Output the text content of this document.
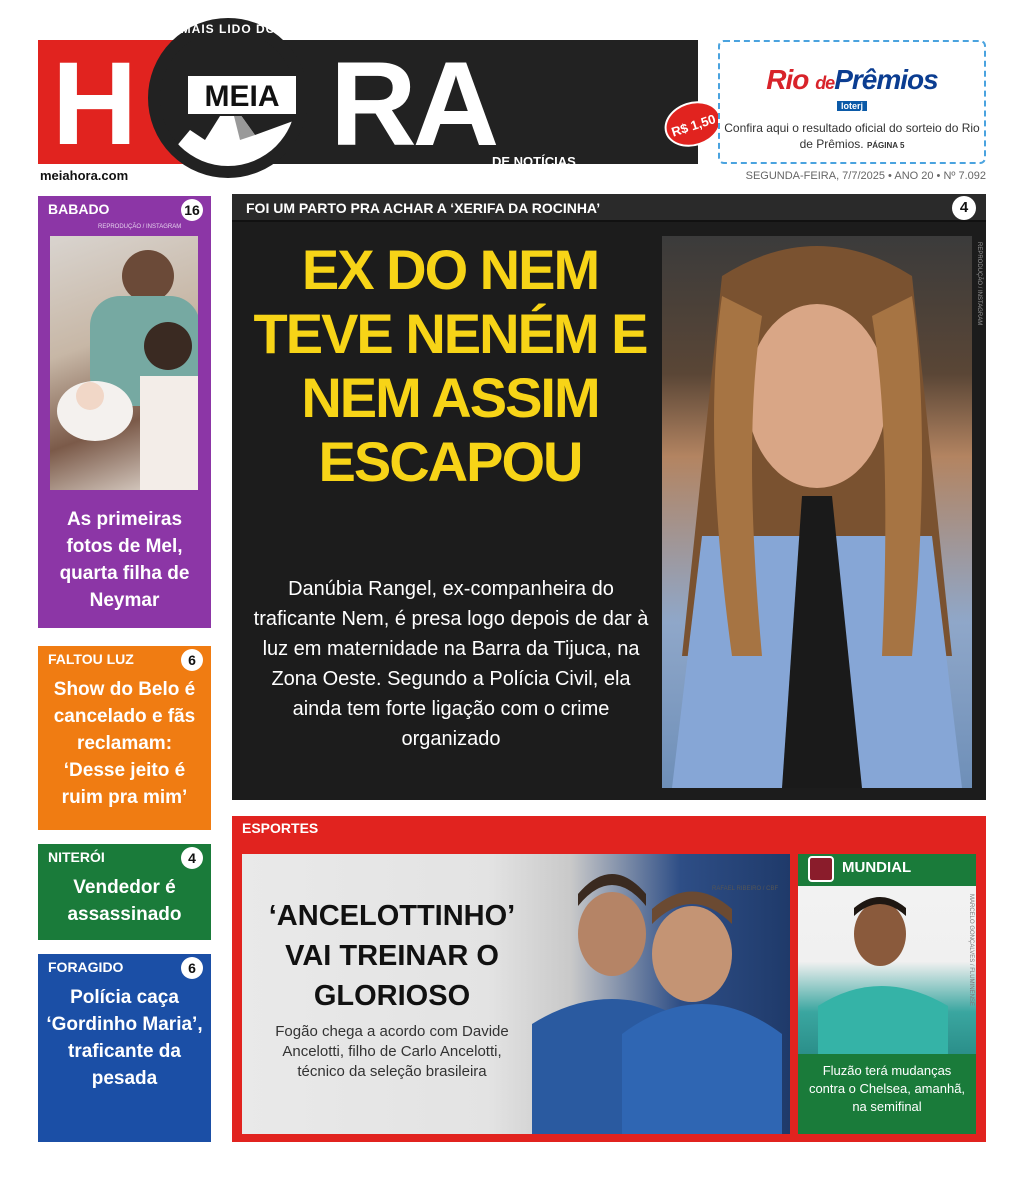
H RA
DE NOTÍCIAS
R$ 1,50
MEIA
O MAIS LIDO DO RIO
meiahora.com
Rio dePrêmios
loterj
Confira aqui o resultado oficial do sorteio do Rio de Prêmios. PÁGINA 5
SEGUNDA-FEIRA, 7/7/2025 • ANO 20 • Nº 7.092
BABADO	16
REPRODUÇÃO / INSTAGRAM
As primeiras fotos de Mel, quarta filha de Neymar
FALTOU LUZ	6
Show do Belo é cancelado e fãs reclamam: ‘Desse jeito é ruim pra mim’
NITERÓI	4
Vendedor é assassinado
FORAGIDO	6
Polícia caça ‘Gordinho Maria’, traficante da pesada
FOI UM PARTO PRA ACHAR A ‘XERIFA DA ROCINHA’	4
EX DO NEM TEVE NENÉM E NEM ASSIM ESCAPOU
Danúbia Rangel, ex-companheira do traficante Nem, é presa logo depois de dar à luz em maternidade na Barra da Tijuca, na Zona Oeste. Segundo a Polícia Civil, ela ainda tem forte ligação com o crime organizado
REPRODUÇÃO / INSTAGRAM
ESPORTES
‘ANCELOTTINHO’ VAI TREINAR O GLORIOSO
Fogão chega a acordo com Davide Ancelotti, filho de Carlo Ancelotti, técnico da seleção brasileira
RAFAEL RIBEIRO / CBF
MUNDIAL
MARCELO GONÇALVES / FLUMINENSE
Fluzão terá mudanças contra o Chelsea, amanhã, na semifinal
